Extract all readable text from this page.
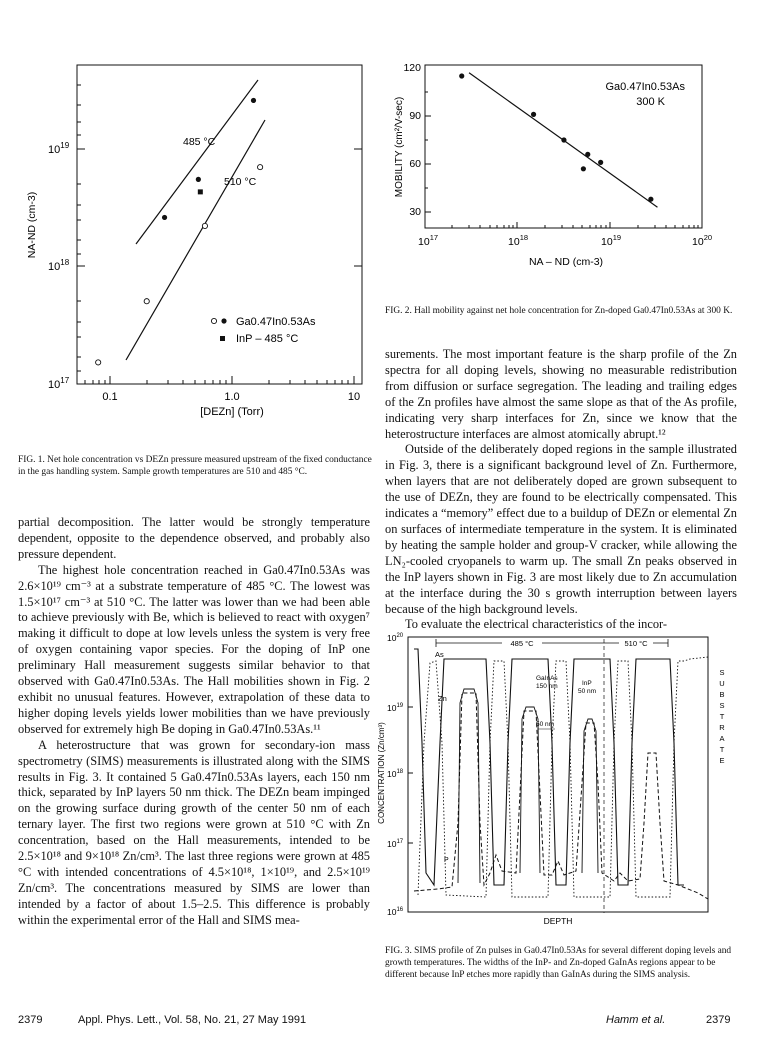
$10^{19}$
$10^{18}$
$10^{17}$
0.1	1.0	10
[DEZn] (Torr)
NA-ND (cm-3)
485 °C
510 °C
Ga0.47In0.53As
InP – 485 °C
FIG. 1. Net hole concentration vs DEZn pressure measured upstream of the fixed conductance in the gas handling system. Sample growth temperatures are 510 and 485 °C.
120
90
60
30
$10^{17}$	$10^{18}$	$10^{19}$	$10^{20}$
NA – ND (cm-3)
MOBILITY (cm²/V-sec)
Ga0.47In0.53As
300 K
FIG. 2. Hall mobility against net hole concentration for Zn-doped Ga0.47In0.53As at 300 K.
$10^{20}$
$10^{19}$
$10^{18}$
$10^{17}$
$10^{16}$
CONCENTRATION (Zn/cm³)
DEPTH
485 °C	510 °C
As
Zn
GaInAs
150 nm	InP
50 nm
50 nm
P
S U B S T R A T E
FIG. 3. SIMS profile of Zn pulses in Ga0.47In0.53As for several different doping levels and growth temperatures. The widths of the InP- and Zn-doped GaInAs regions appear to be different because InP etches more rapidly than GaInAs during the SIMS analysis.

partial decomposition. The latter would be strongly temperature dependent, opposite to the dependence observed, and probably also pressure dependent.

The highest hole concentration reached in Ga0.47In0.53As was 2.6×10¹⁹ cm⁻³ at a substrate temperature of 485 °C. The lowest was 1.5×10¹⁷ cm⁻³ at 510 °C. The latter was lower than we had been able to achieve previously with Be, which is believed to react with oxygen⁷ making it difficult to dope at low levels unless the system is very free of oxygen containing vapor species. For the doping of InP one preliminary Hall measurement suggests similar behavior to that observed with Ga0.47In0.53As. The Hall mobilities shown in Fig. 2 exhibit no unusual features. However, extrapolation of these data to higher doping levels yields lower mobilities than we have previously observed for extremely high Be doping in Ga0.47In0.53As.¹¹

A heterostructure that was grown for secondary-ion mass spectrometry (SIMS) measurements is illustrated along with the SIMS results in Fig. 3. It contained 5 Ga0.47In0.53As layers, each 150 nm thick, separated by InP layers 50 nm thick. The DEZn beam impinged on the growing surface during growth of the center 50 nm of each ternary layer. The first two regions were grown at 510 °C with Zn concentration, based on the Hall measurements, intended to be 2.5×10¹⁸ and 9×10¹⁸ Zn/cm³. The last three regions were grown at 485 °C with intended concentrations of 4.5×10¹⁸, 1×10¹⁹, and 2.5×10¹⁹ Zn/cm³. The concentrations measured by SIMS are lower than intended by a factor of about 1.5–2.5. This difference is probably within the experimental error of the Hall and SIMS mea-

surements. The most important feature is the sharp profile of the Zn spectra for all doping levels, showing no measurable redistribution from diffusion or surface segregation. The leading and trailing edges of the Zn profiles have almost the same slope as that of the As profile, indicating very sharp interfaces for Zn, since we know that the heterostructure interfaces are almost atomically abrupt.¹²

Outside of the deliberately doped regions in the sample illustrated in Fig. 3, there is a significant background level of Zn. Furthermore, when layers that are not deliberately doped are grown subsequent to the use of DEZn, they are found to be electrically compensated. This indicates a “memory” effect due to a buildup of DEZn or elemental Zn on surfaces of intermediate temperature in the system. It is eliminated by heating the sample holder and group-V cracker, while allowing the LN₂-cooled cryopanels to warm up. The small Zn peaks observed in the InP layers shown in Fig. 3 are most likely due to Zn accumulation at the interface during the 30 s growth interruption between layers because of the high background levels.

To evaluate the electrical characteristics of the incor-

2379	Appl. Phys. Lett., Vol. 58, No. 21, 27 May 1991	Hamm et al.	2379
